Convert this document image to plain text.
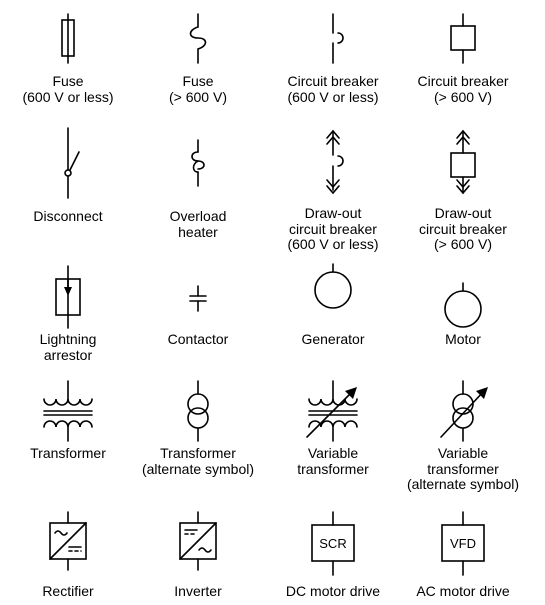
SCR	VFD
Fuse
(600 V or less)
Fuse
(> 600 V)
Circuit breaker
(600 V or less)
Circuit breaker
(> 600 V)
Disconnect	Overload
heater
Draw-out
circuit breaker
(600 V or less)
Draw-out
circuit breaker
(> 600 V)
Lightning
arrestor
Contactor	Generator	Motor
Transformer	Transformer
(alternate symbol)
Variable
transformer
Variable
transformer
(alternate symbol)
Rectifier	Inverter	DC motor drive	AC motor drive
